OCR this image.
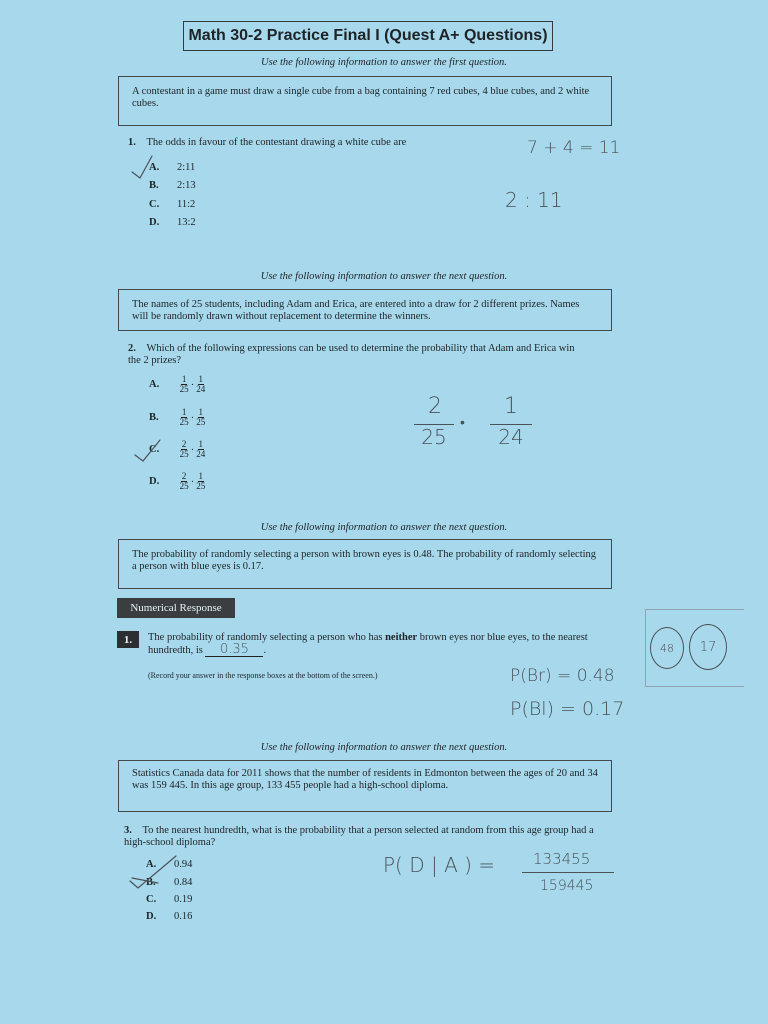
Math 30-2 Practice Final I (Quest A+ Questions)
Use the following information to answer the first question.
A contestant in a game must draw a single cube from a bag containing 7 red cubes, 4 blue cubes, and 2 white cubes.
1. The odds in favour of the contestant drawing a white cube are
A. 2:11
B. 2:13
C. 11:2
D. 13:2
7 + 4 = 11
2 : 11
Use the following information to answer the next question.
The names of 25 students, including Adam and Erica, are entered into a draw for 2 different prizes. Names will be randomly drawn without replacement to determine the winners.
2. Which of the following expressions can be used to determine the probability that Adam and Erica win the 2 prizes?
A. $\frac{1}{25} \cdot \frac{1}{24}$
B. $\frac{1}{25} \cdot \frac{1}{25}$
C. $\frac{2}{25} \cdot \frac{1}{24}$
D. $\frac{2}{25} \cdot \frac{1}{25}$
2
25
•
1
24
Use the following information to answer the next question.
The probability of randomly selecting a person with brown eyes is 0.48. The probability of randomly selecting a person with blue eyes is 0.17.
Numerical Response
1.	The probability of randomly selecting a person who has neither brown eyes nor blue eyes, to the nearest hundredth, is 0.35 .
(Record your answer in the response boxes at the bottom of the screen.)	P(Br) = 0.48
P(Bl) = 0.17
48	17
Use the following information to answer the next question.
Statistics Canada data for 2011 shows that the number of residents in Edmonton between the ages of 20 and 34 was 159 445. In this age group, 133 455 people had a high-school diploma.
3. To the nearest hundredth, what is the probability that a person selected at random from this age group had a high-school diploma?
A. 0.94
B. 0.84
C. 0.19
D. 0.16
P( D | A ) =	133455
159445
